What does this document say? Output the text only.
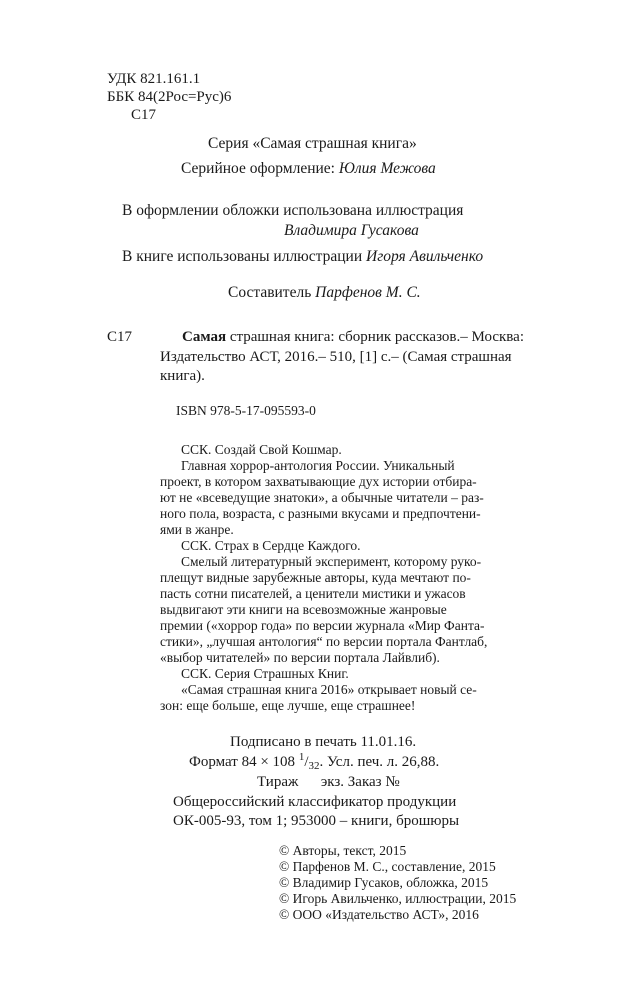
УДК 821.161.1
ББК 84(2Рос=Рус)6
С17
Серия «Самая страшная книга»
Серийное оформление: Юлия Межова
В оформлении обложки использована иллюстрация
Владимира Гусакова
В книге использованы иллюстрации Игоря Авильченко
Составитель Парфенов М. С.
С17	Самая страшная книга: сборник рассказов.– Москва:
Издательство АСТ, 2016.– 510, [1] с.– (Самая страшная
книга).
ISBN 978-5-17-095593-0
ССК. Создай Свой Кошмар.
Главная хоррор-антология России. Уникальный
проект, в котором захватывающие дух истории отбира-
ют не «всеведущие знатоки», а обычные читатели – раз-
ного пола, возраста, с разными вкусами и предпочтени-
ями в жанре.
ССК. Страх в Сердце Каждого.
Смелый литературный эксперимент, которому руко-
плещут видные зарубежные авторы, куда мечтают по-
пасть сотни писателей, а ценители мистики и ужасов
выдвигают эти книги на всевозможные жанровые
премии («хоррор года» по версии журнала «Мир Фанта-
стики», „лучшая антология“ по версии портала Фантлаб,
«выбор читателей» по версии портала Лайвлиб).
ССК. Серия Страшных Книг.
«Самая страшная книга 2016» открывает новый се-
зон: еще больше, еще лучше, еще страшнее!
Подписано в печать 11.01.16.
Формат 84 × 108 $^1/_{32}$. Усл. печ. л. 26,88.
Тираж      экз. Заказ №
Общероссийский классификатор продукции
ОК-005-93, том 1; 953000 – книги, брошюры
© Авторы, текст, 2015
© Парфенов М. С., составление, 2015
© Владимир Гусаков, обложка, 2015
© Игорь Авильченко, иллюстрации, 2015
© ООО «Издательство АСТ», 2016
